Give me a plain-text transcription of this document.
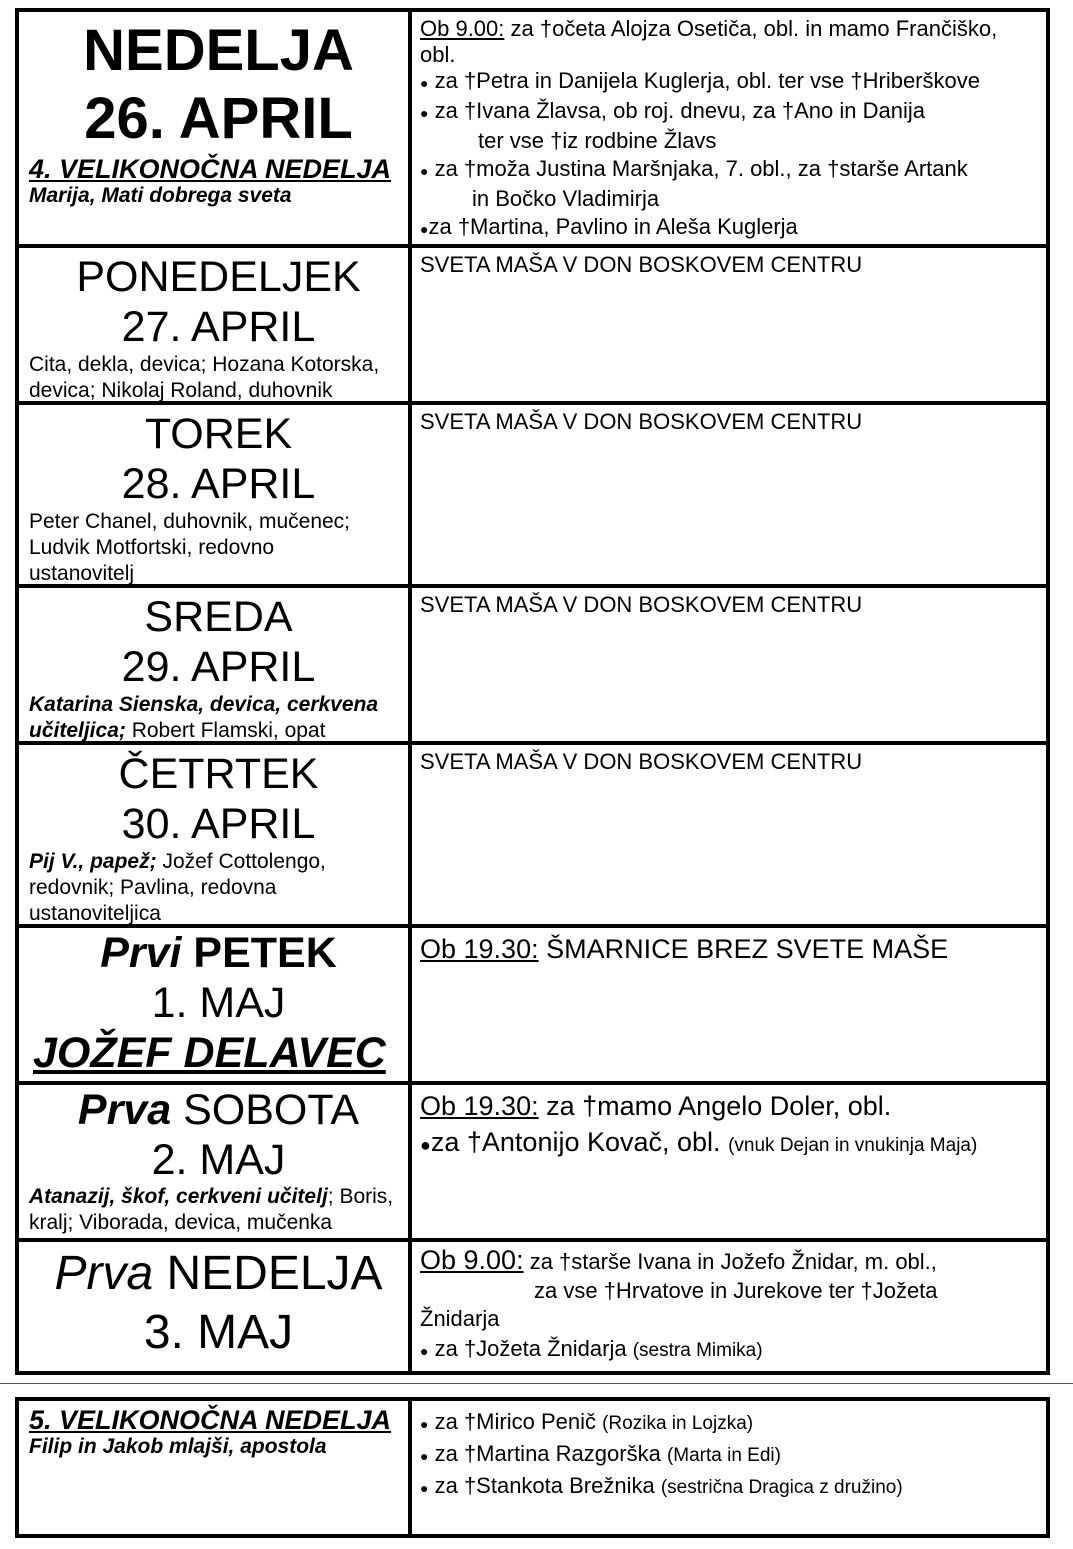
NEDELJA
26. APRIL
4. VELIKONOČNA NEDELJA
Marija, Mati dobrega sveta
Ob 9.00: za †očeta Alojza Osetiča, obl. in mamo Frančiško,
obl.
● za †Petra in Danijela Kuglerja, obl. ter vse †Hriberškove
● za †Ivana Žlavsa, ob roj. dnevu, za †Ano in Danija
ter vse †iz rodbine Žlavs
● za †moža Justina Maršnjaka, 7. obl., za †starše Artank
in Bočko Vladimirja
●za †Martina, Pavlino in Aleša Kuglerja
PONEDELJEK
27. APRIL
Cita, dekla, devica; Hozana Kotorska, devica; Nikolaj Roland, duhovnik
SVETA MAŠA V DON BOSKOVEM CENTRU
TOREK
28. APRIL
Peter Chanel, duhovnik, mučenec; Ludvik Motfortski, redovno ustanovitelj
SVETA MAŠA V DON BOSKOVEM CENTRU
SREDA
29. APRIL
Katarina Sienska, devica, cerkvena učiteljica; Robert Flamski, opat
SVETA MAŠA V DON BOSKOVEM CENTRU
ČETRTEK
30. APRIL
Pij V., papež; Jožef Cottolengo, redovnik; Pavlina, redovna ustanoviteljica
SVETA MAŠA V DON BOSKOVEM CENTRU
Prvi PETEK
1. MAJ
JOŽEF DELAVEC
Ob 19.30: ŠMARNICE BREZ SVETE MAŠE
Prva SOBOTA
2. MAJ
Atanazij, škof, cerkveni učitelj; Boris, kralj; Viborada, devica, mučenka
Ob 19.30: za †mamo Angelo Doler, obl.
●za †Antonijo Kovač, obl. (vnuk Dejan in vnukinja Maja)
Prva NEDELJA
3. MAJ
Ob 9.00: za †starše Ivana in Jožefo Žnidar, m. obl.,
za vse †Hrvatove in Jurekove ter †Jožeta
Žnidarja
● za †Jožeta Žnidarja (sestra Mimika)
5. VELIKONOČNA NEDELJA
Filip in Jakob mlajši, apostola
● za †Mirico Penič (Rozika in Lojzka)
● za †Martina Razgorška (Marta in Edi)
● za †Stankota Brežnika (sestrična Dragica z družino)
